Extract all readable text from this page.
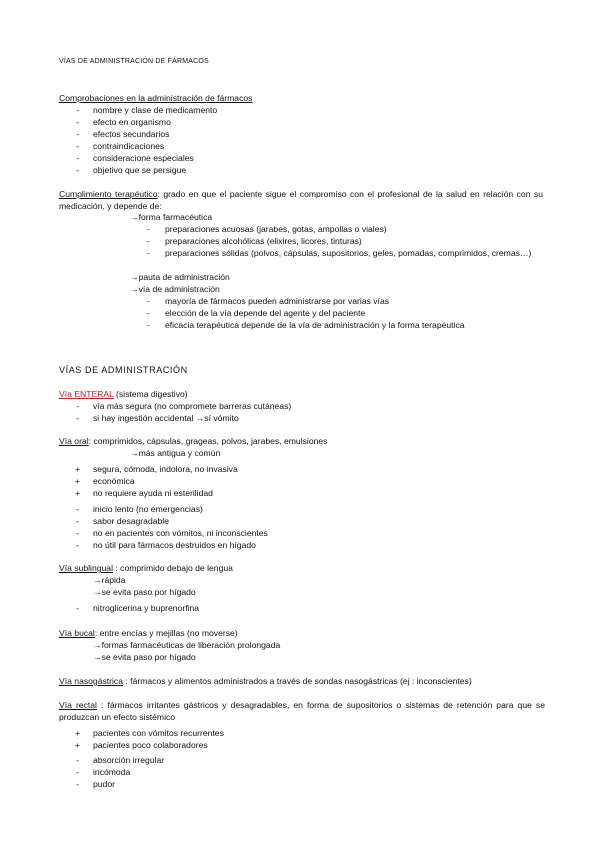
VÍAS DE ADMINISTRACIÓN DE FÁRMACOS
Comprobaciones en la administración de fármacos
- nombre y clase de medicamento
- efecto en organismo
- efectos secundarios
- contraindicaciones
- consideracione especiales
- objetivo que se persigue
Cumplimiento terapéutico: grado en que el paciente sigue el compromiso con el profesional de la salud en relación con su medicación, y depende de:
→forma farmacéutica
- preparaciones acuosas (jarabes, gotas, ampollas o viales)
- preparaciones alcohólicas (elixires, licores, tinturas)
- preparaciones sólidas (polvos, cápsulas, supositorios, geles, pomadas, comprimidos, cremas…)
→pauta de administración
→vía de administración
- mayoría de fármacos pueden administrarse por varias vías
- elección de la vía depende del agente y del paciente
- eficacia terapéutica depende de la vía de administración y la forma terapéutica
VÍAS DE ADMINISTRACIÓN
Vía ENTERAL (sistema digestivo)
- vía más segura (no compromete barreras cutáneas)
- si hay ingestión accidental →sí vómito
Vía oral: comprimidos, cápsulas, grageas, polvos, jarabes, emulsiones
→más antigua y común
+ segura, cómoda, indolora, no invasiva
+ económica
+ no requiere ayuda ni esterilidad
- inicio lento (no emergencias)
- sabor desagradable
- no en pacientes con vómitos, ni inconscientes
- no útil para fármacos destruidos en hígado
Vía sublingual : comprimido debajo de lengua
→rápida
→se evita paso por hígado
- nitroglicerina y buprenorfina
Vía bucal: entre encías y mejillas (no moverse)
→formas farmacéuticas de liberación prolongada
→se evita paso por hígado
Vía nasogástrica : fármacos y alimentos administrados a través de sondas nasogástricas (ej : inconscientes)
Vía rectal : fármacos irritantes gástricos y desagradables, en forma de supositorios o sistemas de retención para que se produzcan un efecto sistémico
+ pacientes con vómitos recurrentes
+ pacientes poco colaboradores
- absorción irregular
- incómoda
- pudor
